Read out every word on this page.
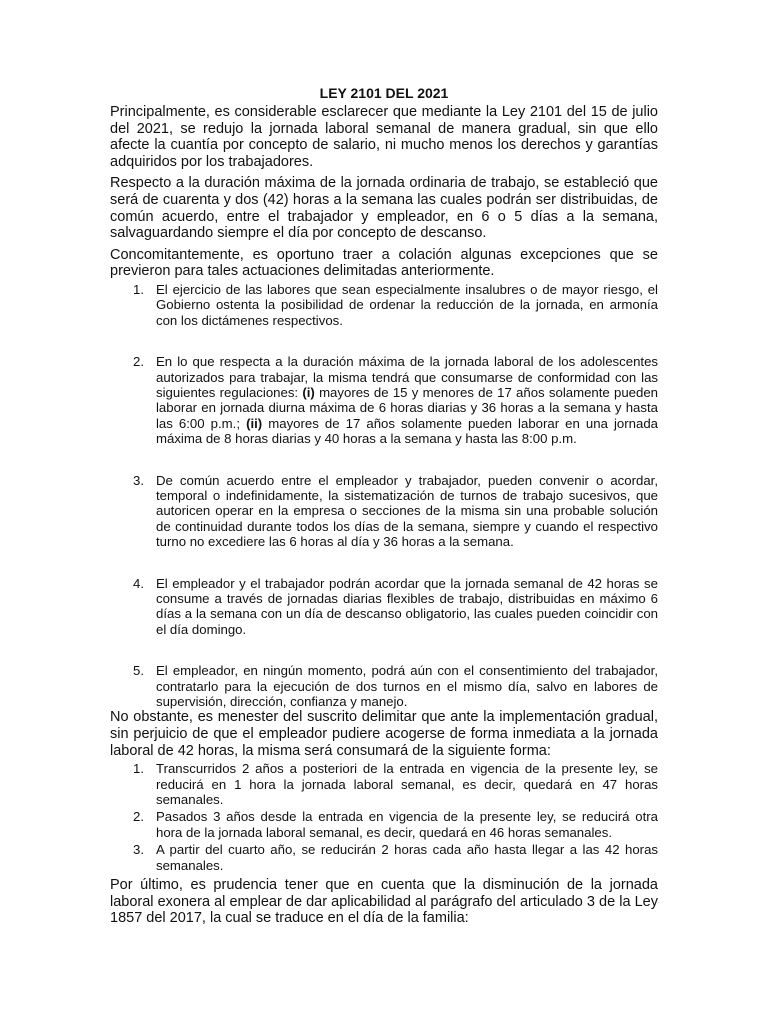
LEY 2101 DEL 2021

Principalmente, es considerable esclarecer que mediante la Ley 2101 del 15 de julio del 2021, se redujo la jornada laboral semanal de manera gradual, sin que ello afecte la cuantía por concepto de salario, ni mucho menos los derechos y garantías adquiridos por los trabajadores.

Respecto a la duración máxima de la jornada ordinaria de trabajo, se estableció que será de cuarenta y dos (42) horas a la semana las cuales podrán ser distribuidas, de común acuerdo, entre el trabajador y empleador, en 6 o 5 días a la semana, salvaguardando siempre el día por concepto de descanso.

Concomitantemente, es oportuno traer a colación algunas excepciones que se previeron para tales actuaciones delimitadas anteriormente.

1. El ejercicio de las labores que sean especialmente insalubres o de mayor riesgo, el Gobierno ostenta la posibilidad de ordenar la reducción de la jornada, en armonía con los dictámenes respectivos.
2. En lo que respecta a la duración máxima de la jornada laboral de los adolescentes autorizados para trabajar, la misma tendrá que consumarse de conformidad con las siguientes regulaciones: (i) mayores de 15 y menores de 17 años solamente pueden laborar en jornada diurna máxima de 6 horas diarias y 36 horas a la semana y hasta las 6:00 p.m.; (ii) mayores de 17 años solamente pueden laborar en una jornada máxima de 8 horas diarias y 40 horas a la semana y hasta las 8:00 p.m.
3. De común acuerdo entre el empleador y trabajador, pueden convenir o acordar, temporal o indefinidamente, la sistematización de turnos de trabajo sucesivos, que autoricen operar en la empresa o secciones de la misma sin una probable solución de continuidad durante todos los días de la semana, siempre y cuando el respectivo turno no excediere las 6 horas al día y 36 horas a la semana.
4. El empleador y el trabajador podrán acordar que la jornada semanal de 42 horas se consume a través de jornadas diarias flexibles de trabajo, distribuidas en máximo 6 días a la semana con un día de descanso obligatorio, las cuales pueden coincidir con el día domingo.
5. El empleador, en ningún momento, podrá aún con el consentimiento del trabajador, contratarlo para la ejecución de dos turnos en el mismo día, salvo en labores de supervisión, dirección, confianza y manejo.

No obstante, es menester del suscrito delimitar que ante la implementación gradual, sin perjuicio de que el empleador pudiere acogerse de forma inmediata a la jornada laboral de 42 horas, la misma será consumará de la siguiente forma:

1. Transcurridos 2 años a posteriori de la entrada en vigencia de la presente ley, se reducirá en 1 hora la jornada laboral semanal, es decir, quedará en 47 horas semanales.
2. Pasados 3 años desde la entrada en vigencia de la presente ley, se reducirá otra hora de la jornada laboral semanal, es decir, quedará en 46 horas semanales.
3. A partir del cuarto año, se reducirán 2 horas cada año hasta llegar a las 42 horas semanales.

Por último, es prudencia tener que en cuenta que la disminución de la jornada laboral exonera al emplear de dar aplicabilidad al parágrafo del articulado 3 de la Ley 1857 del 2017, la cual se traduce en el día de la familia:
